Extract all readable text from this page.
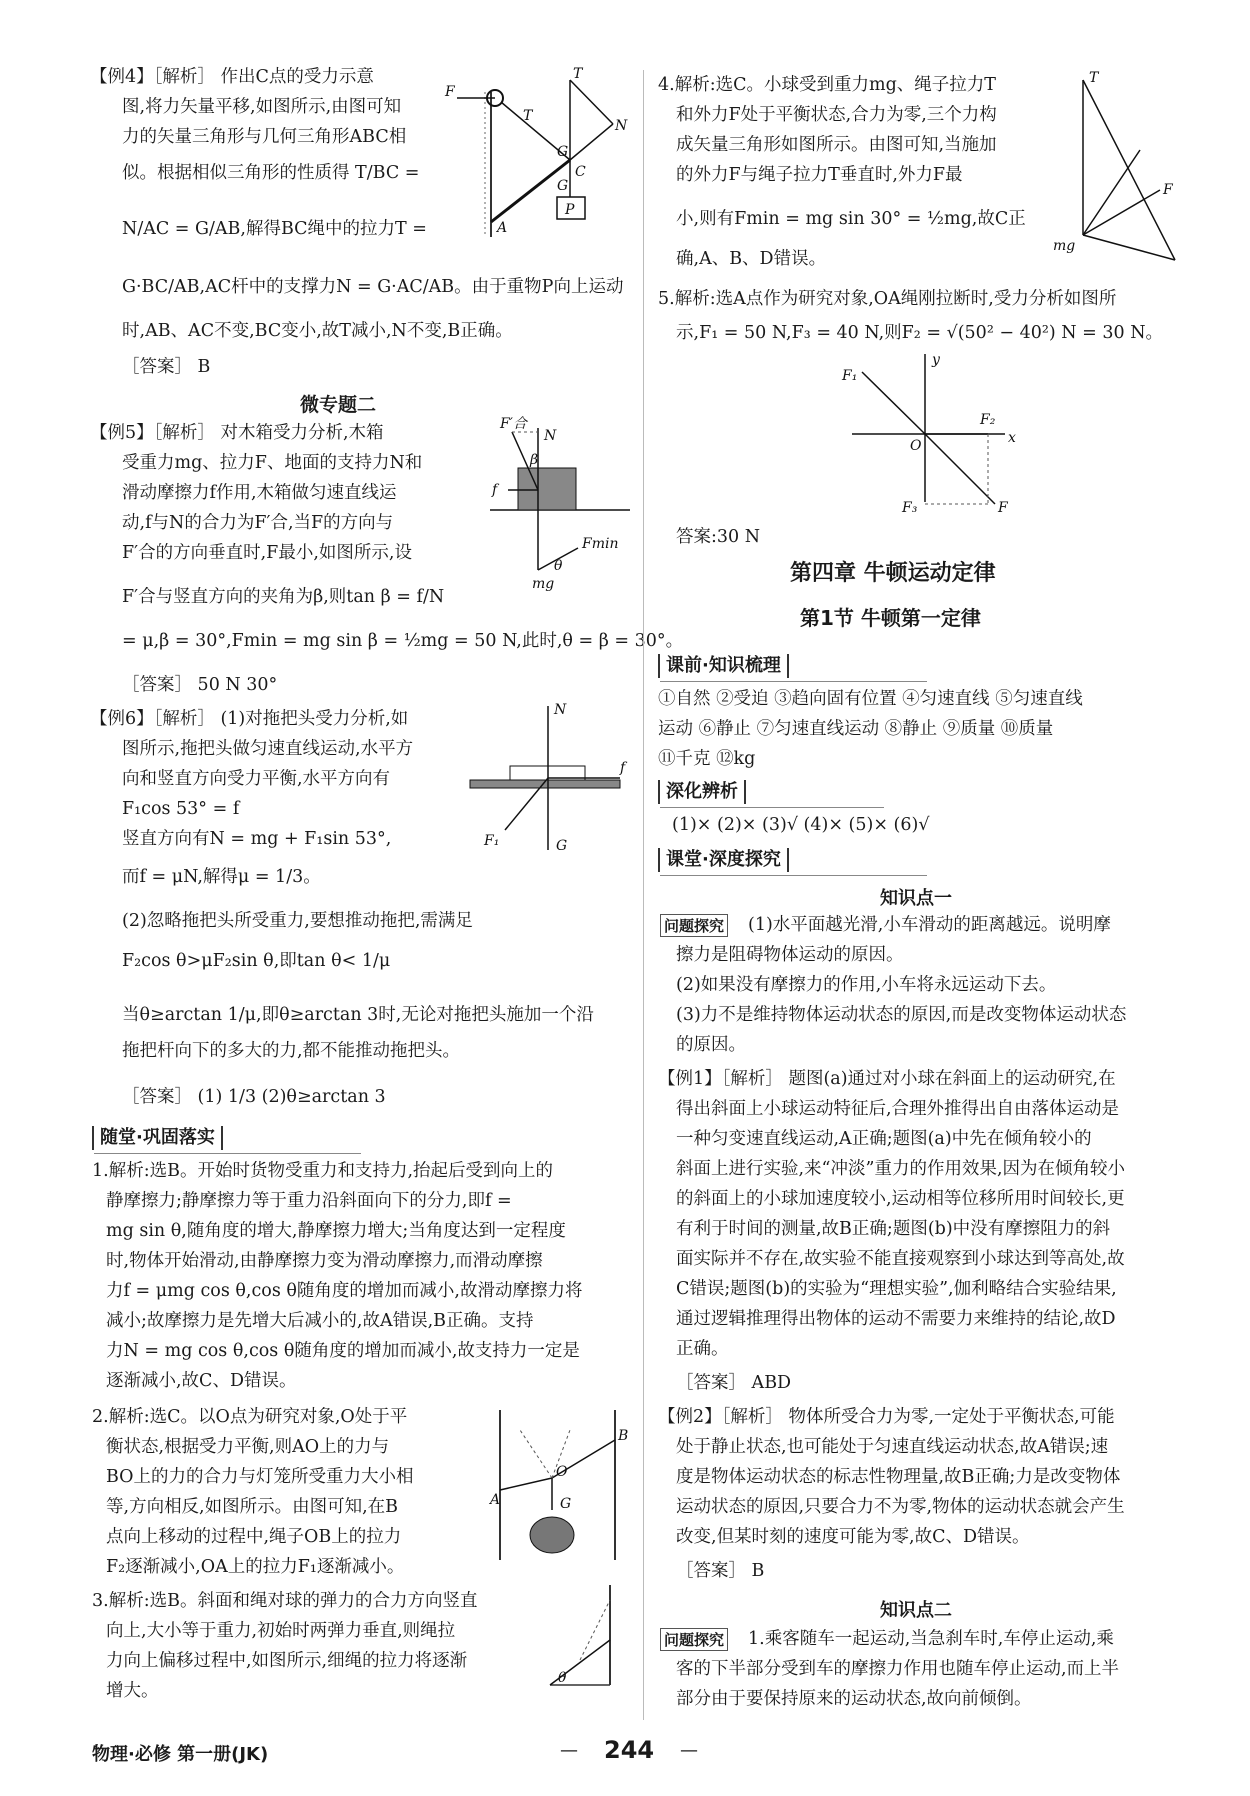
【例4】［解析］ 作出C点的受力示意
图,将力矢量平移,如图所示,由图可知
力的矢量三角形与几何三角形ABC相
似。根据相似三角形的性质得 T/BC =
N/AC = G/AB,解得BC绳中的拉力T =
G·BC/AB,AC杆中的支撑力N = G·AC/AB。由于重物P向上运动
时,AB、AC不变,BC变小,故T减小,N不变,B正确。
［答案］ B
F
T
T
N
G
C
G
A
P
微专题二
【例5】［解析］ 对木箱受力分析,木箱
受重力mg、拉力F、地面的支持力N和
滑动摩擦力f作用,木箱做匀速直线运
动,f与N的合力为F′合,当F的方向与
F′合的方向垂直时,F最小,如图所示,设
F′合与竖直方向的夹角为β,则tan β = f/N
= μ,β = 30°,Fmin = mg sin β = ½mg = 50 N,此时,θ = β = 30°。
［答案］ 50 N 30°
F′合
N
β
f
Fmin
θ
mg
【例6】［解析］ (1)对拖把头受力分析,如
图所示,拖把头做匀速直线运动,水平方
向和竖直方向受力平衡,水平方向有
F₁cos 53° = f
竖直方向有N = mg + F₁sin 53°,
而f = μN,解得μ = 1/3。
(2)忽略拖把头所受重力,要想推动拖把,需满足
F₂cos θ>μF₂sin θ,即tan θ< 1/μ
当θ≥arctan 1/μ,即θ≥arctan 3时,无论对拖把头施加一个沿
拖把杆向下的多大的力,都不能推动拖把头。
［答案］ (1) 1/3 (2)θ≥arctan 3
N
f
F₁	G
随堂·巩固落实
1.解析:选B。开始时货物受重力和支持力,抬起后受到向上的
静摩擦力;静摩擦力等于重力沿斜面向下的分力,即f =
mg sin θ,随角度的增大,静摩擦力增大;当角度达到一定程度
时,物体开始滑动,由静摩擦力变为滑动摩擦力,而滑动摩擦
力f = μmg cos θ,cos θ随角度的增加而减小,故滑动摩擦力将
减小;故摩擦力是先增大后减小的,故A错误,B正确。支持
力N = mg cos θ,cos θ随角度的增加而减小,故支持力一定是
逐渐减小,故C、D错误。
2.解析:选C。以O点为研究对象,O处于平
衡状态,根据受力平衡,则AO上的力与
BO上的力的合力与灯笼所受重力大小相
等,方向相反,如图所示。由图可知,在B
点向上移动的过程中,绳子OB上的拉力
F₂逐渐减小,OA上的拉力F₁逐渐减小。
B
A
O
G
3.解析:选B。斜面和绳对球的弹力的合力方向竖直
向上,大小等于重力,初始时两弹力垂直,则绳拉
力向上偏移过程中,如图所示,细绳的拉力将逐渐
增大。
θ
4.解析:选C。小球受到重力mg、绳子拉力T
和外力F处于平衡状态,合力为零,三个力构
成矢量三角形如图所示。由图可知,当施加
的外力F与绳子拉力T垂直时,外力F最
小,则有Fmin = mg sin 30° = ½mg,故C正
确,A、B、D错误。
T
F
mg
5.解析:选A点作为研究对象,OA绳刚拉断时,受力分析如图所
示,F₁ = 50 N,F₃ = 40 N,则F₂ = √(50² − 40²) N = 30 N。
y
F₁
F₂
x
O
F₃	F
答案:30 N
第四章 牛顿运动定律
第1节 牛顿第一定律
课前·知识梳理
①自然 ②受迫 ③趋向固有位置 ④匀速直线 ⑤匀速直线
运动 ⑥静止 ⑦匀速直线运动 ⑧静止 ⑨质量 ⑩质量
⑪千克 ⑫kg
深化辨析
(1)× (2)× (3)√ (4)× (5)× (6)√
课堂·深度探究
知识点一
问题探究 (1)水平面越光滑,小车滑动的距离越远。说明摩
擦力是阻碍物体运动的原因。
(2)如果没有摩擦力的作用,小车将永远运动下去。
(3)力不是维持物体运动状态的原因,而是改变物体运动状态
的原因。
【例1】［解析］ 题图(a)通过对小球在斜面上的运动研究,在
得出斜面上小球运动特征后,合理外推得出自由落体运动是
一种匀变速直线运动,A正确;题图(a)中先在倾角较小的
斜面上进行实验,来“冲淡”重力的作用效果,因为在倾角较小
的斜面上的小球加速度较小,运动相等位移所用时间较长,更
有利于时间的测量,故B正确;题图(b)中没有摩擦阻力的斜
面实际并不存在,故实验不能直接观察到小球达到等高处,故
C错误;题图(b)的实验为“理想实验”,伽利略结合实验结果,
通过逻辑推理得出物体的运动不需要力来维持的结论,故D
正确。
［答案］ ABD
【例2】［解析］ 物体所受合力为零,一定处于平衡状态,可能
处于静止状态,也可能处于匀速直线运动状态,故A错误;速
度是物体运动状态的标志性物理量,故B正确;力是改变物体
运动状态的原因,只要合力不为零,物体的运动状态就会产生
改变,但某时刻的速度可能为零,故C、D错误。
［答案］ B
知识点二
问题探究 1.乘客随车一起运动,当急刹车时,车停止运动,乘
客的下半部分受到车的摩擦力作用也随车停止运动,而上半
部分由于要保持原来的运动状态,故向前倾倒。
物理·必修 第一册(JK)	— 244 —
